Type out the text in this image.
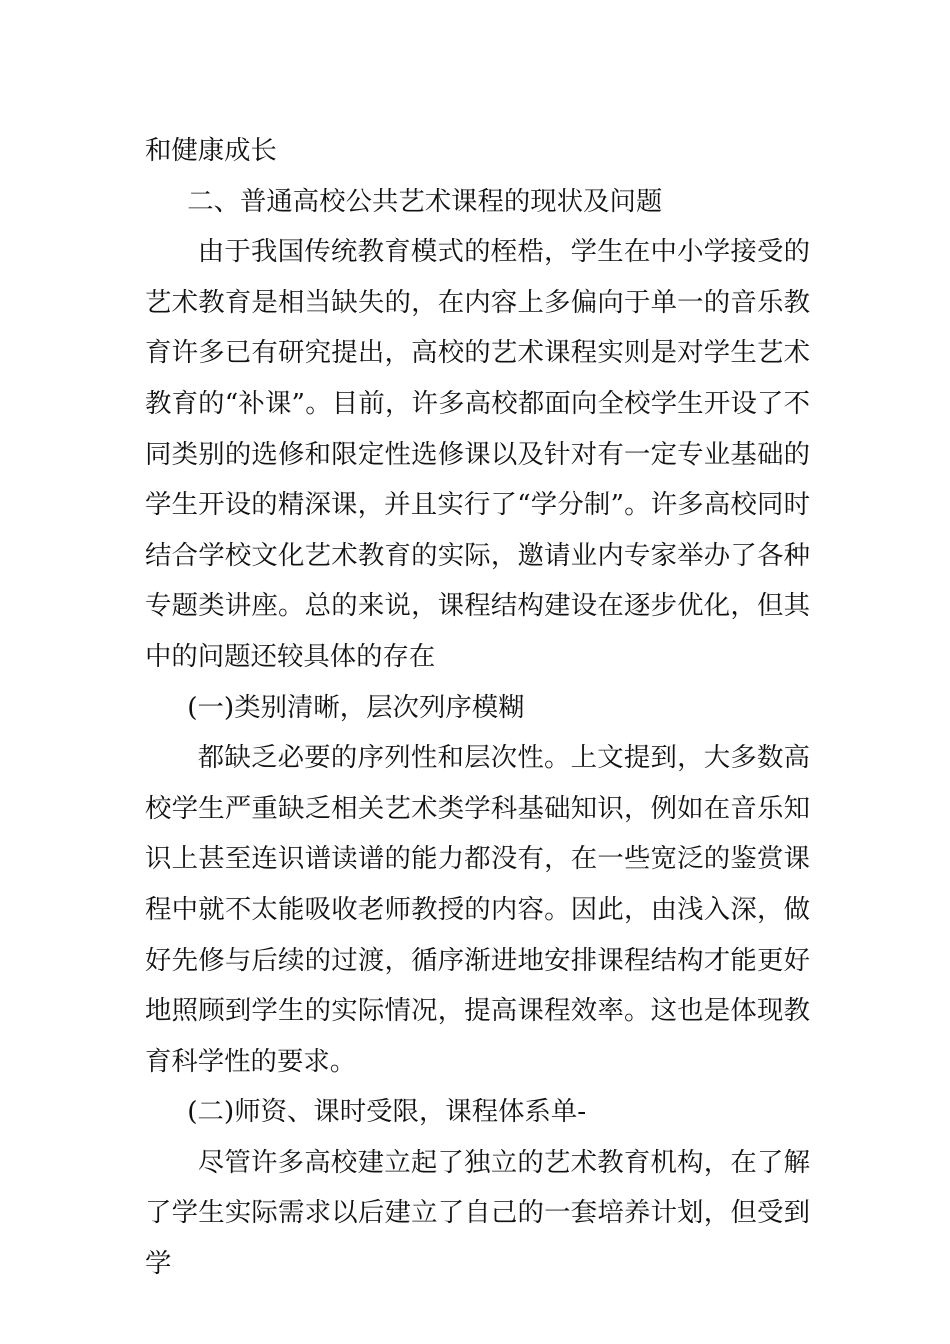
和健康成长

二、普通高校公共艺术课程的现状及问题

由于我国传统教育模式的桎梏，学生在中小学接受的艺术教育是相当缺失的，在内容上多偏向于单一的音乐教育许多已有研究提出，高校的艺术课程实则是对学生艺术教育的“补课”。目前，许多高校都面向全校学生开设了不同类别的选修和限定性选修课以及针对有一定专业基础的学生开设的精深课，并且实行了“学分制”。许多高校同时结合学校文化艺术教育的实际，邀请业内专家举办了各种专题类讲座。总的来说，课程结构建设在逐步优化，但其中的问题还较具体的存在

(一)类别清晰，层次列序模糊

都缺乏必要的序列性和层次性。上文提到，大多数高校学生严重缺乏相关艺术类学科基础知识，例如在音乐知识上甚至连识谱读谱的能力都没有，在一些宽泛的鉴赏课程中就不太能吸收老师教授的内容。因此，由浅入深，做好先修与后续的过渡，循序渐进地安排课程结构才能更好地照顾到学生的实际情况，提高课程效率。这也是体现教育科学性的要求。

(二)师资、课时受限，课程体系单-

尽管许多高校建立起了独立的艺术教育机构，在了解了学生实际需求以后建立了自己的一套培养计划，但受到学
